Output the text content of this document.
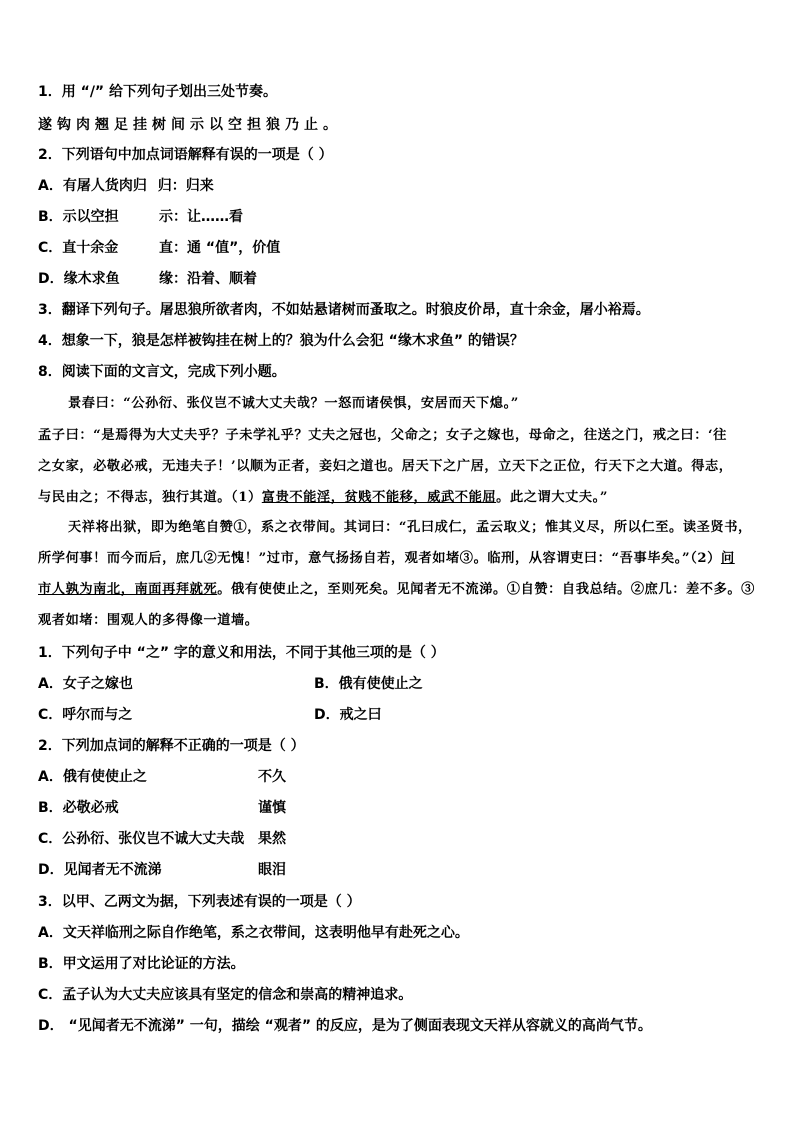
1．用 “/” 给下列句子划出三处节奏。
遂钩肉翘足挂树间示以空担狼乃止。
2．下列语句中加点词语解释有误的一项是（ ）
A．有屠人货肉归 归：归来
B．示以空担	示：让……看
C．直十余金	直：通 “值”，价值
D．缘木求鱼	缘：沿着、顺着
3．翻译下列句子。屠思狼所欲者肉，不如姑悬诸树而蚤取之。时狼皮价昂，直十余金，屠小裕焉。
4．想象一下，狼是怎样被钩挂在树上的？狼为什么会犯 “缘木求鱼” 的错误？
8．阅读下面的文言文，完成下列小题。
景春曰：“公孙衍、张仪岂不诚大丈夫哉？一怒而诸侯惧，安居而天下熄。”
孟子曰：“是焉得为大丈夫乎？子未学礼乎？丈夫之冠也，父命之；女子之嫁也，母命之，往送之门，戒之曰：‘往
之女家，必敬必戒，无违夫子！’以顺为正者，妾妇之道也。居天下之广居，立天下之正位，行天下之大道。得志，
与民由之；不得志，独行其道。（1）富贵不能淫，贫贱不能移，威武不能屈。此之谓大丈夫。”
天祥将出狱，即为绝笔自赞①，系之衣带间。其词曰：“孔曰成仁，孟云取义；惟其义尽，所以仁至。读圣贤书，
所学何事！而今而后，庶几②无愧！”过市，意气扬扬自若，观者如堵③。临刑，从容谓吏曰：“吾事毕矣。”（2）问
市人孰为南北，南面再拜就死。俄有使使止之，至则死矣。见闻者无不流涕。①自赞：自我总结。②庶几：差不多。③
观者如堵：围观人的多得像一道墙。
1．下列句子中 “之” 字的意义和用法，不同于其他三项的是（ ）
A．女子之嫁也	B．俄有使使止之
C．呼尔而与之	D．戒之曰
2．下列加点词的解释不正确的一项是（ ）
A．俄有使使止之	不久
B．必敬必戒	谨慎
C．公孙衍、张仪岂不诚大丈夫哉 果然
D．见闻者无不流涕	眼泪
3．以甲、乙两文为据，下列表述有误的一项是（ ）
A．文天祥临刑之际自作绝笔，系之衣带间，这表明他早有赴死之心。
B．甲文运用了对比论证的方法。
C．孟子认为大丈夫应该具有坚定的信念和崇高的精神追求。
D． “见闻者无不流涕” 一句，描绘 “观者” 的反应，是为了侧面表现文天祥从容就义的高尚气节。
